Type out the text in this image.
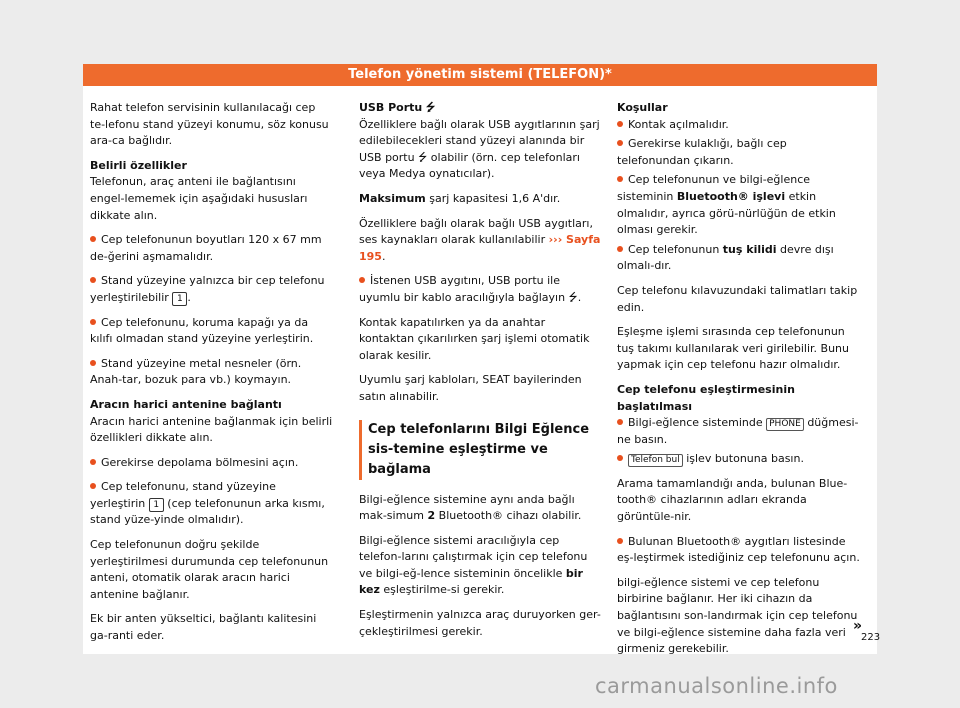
Telefon yönetim sistemi (TELEFON)*

Rahat telefon servisinin kullanılacağı cep te-lefonu stand yüzeyi konumu, söz konusu ara-ca bağlıdır.

Belirli özellikler

Telefonun, araç anteni ile bağlantısını engel-lememek için aşağıdaki hususları dikkate alın.

Cep telefonunun boyutları 120 x 67 mm de-ğerini aşmamalıdır.

Stand yüzeyine yalnızca bir cep telefonu yerleştirilebilir 1 .

Cep telefonunu, koruma kapağı ya da kılıfı olmadan stand yüzeyine yerleştirin.

Stand yüzeyine metal nesneler (örn. Anah-tar, bozuk para vb.) koymayın.

Aracın harici antenine bağlantı

Aracın harici antenine bağlanmak için belirli özellikleri dikkate alın.

Gerekirse depolama bölmesini açın.

Cep telefonunu, stand yüzeyine yerleştirin 1 (cep telefonunun arka kısmı, stand yüze-yinde olmalıdır).

Cep telefonunun doğru şekilde yerleştirilmesi durumunda cep telefonunun anteni, otomatik olarak aracın harici antenine bağlanır.

Ek bir anten yükseltici, bağlantı kalitesini ga-ranti eder.

USB Portu ⭍

Özelliklere bağlı olarak USB aygıtlarının şarj edilebilecekleri stand yüzeyi alanında bir USB portu ⭍ olabilir (örn. cep telefonları veya Medya oynatıcılar).

Maksimum şarj kapasitesi 1,6 A'dır.

Özelliklere bağlı olarak bağlı USB aygıtları, ses kaynakları olarak kullanılabilir ››› Sayfa 195.

İstenen USB aygıtını, USB portu ile uyumlu bir kablo aracılığıyla bağlayın ⭍.

Kontak kapatılırken ya da anahtar kontaktan çıkarılırken şarj işlemi otomatik olarak kesilir.

Uyumlu şarj kabloları, SEAT bayilerinden satın alınabilir.

Cep telefonlarını Bilgi Eğlence sis-temine eşleştirme ve bağlama

Bilgi-eğlence sistemine aynı anda bağlı mak-simum 2 Bluetooth® cihazı olabilir.

Bilgi-eğlence sistemi aracılığıyla cep telefon-larını çalıştırmak için cep telefonu ve bilgi-eğ-lence sisteminin öncelikle bir kez eşleştirilme-si gerekir.

Eşleştirmenin yalnızca araç duruyorken ger-çekleştirilmesi gerekir.

Koşullar

Kontak açılmalıdır.

Gerekirse kulaklığı, bağlı cep telefonundan çıkarın.

Cep telefonunun ve bilgi-eğlence sisteminin Bluetooth® işlevi etkin olmalıdır, ayrıca görü-nürlüğün de etkin olması gerekir.

Cep telefonunun tuş kilidi devre dışı olmalı-dır.

Cep telefonu kılavuzundaki talimatları takip edin.

Eşleşme işlemi sırasında cep telefonunun tuş takımı kullanılarak veri girilebilir. Bunu yapmak için cep telefonu hazır olmalıdır.

Cep telefonu eşleştirmesinin başlatılması

Bilgi-eğlence sisteminde PHONE düğmesi-ne basın.

Telefon bul işlev butonuna basın.

Arama tamamlandığı anda, bulunan Blue-tooth® cihazlarının adları ekranda görüntüle-nir.

Bulunan Bluetooth® aygıtları listesinde eş-leştirmek istediğiniz cep telefonunu açın.

bilgi-eğlence sistemi ve cep telefonu birbirine bağlanır. Her iki cihazın da bağlantısını son-landırmak için cep telefonu ve bilgi-eğlence sistemine daha fazla veri girmeniz gerekebilir.

»
223
carmanualsonline.info
